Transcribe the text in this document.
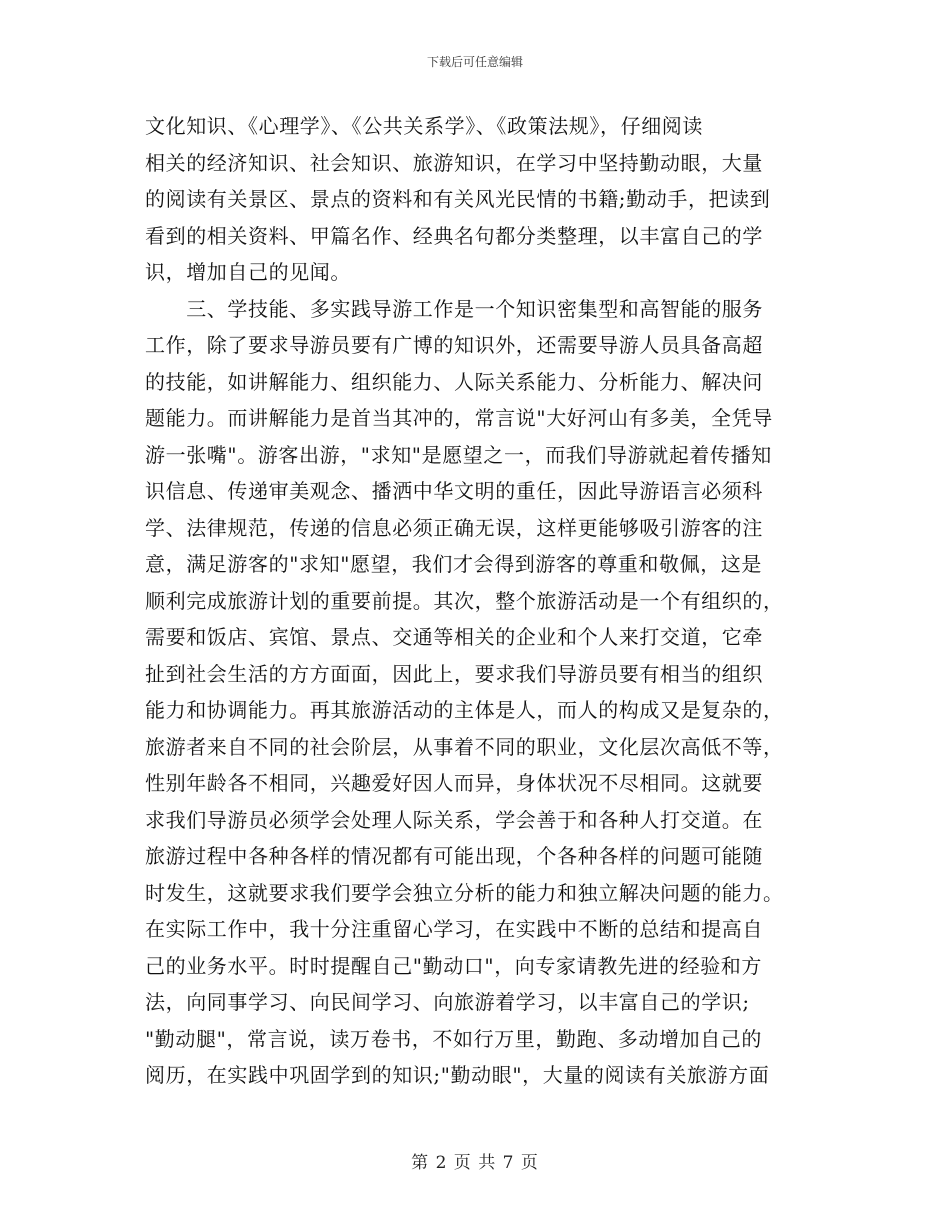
下载后可任意编辑
文化知识、《心理学》、《公共关系学》、《政策法规》，仔细阅读
相关的经济知识、社会知识、旅游知识，在学习中坚持勤动眼，大量
的阅读有关景区、景点的资料和有关风光民情的书籍;勤动手，把读到
看到的相关资料、甲篇名作、经典名句都分类整理，以丰富自己的学
识，增加自己的见闻。
　　三、学技能、多实践导游工作是一个知识密集型和高智能的服务
工作，除了要求导游员要有广博的知识外，还需要导游人员具备高超
的技能，如讲解能力、组织能力、人际关系能力、分析能力、解决问
题能力。而讲解能力是首当其冲的，常言说"大好河山有多美，全凭导
游一张嘴"。游客出游，"求知"是愿望之一，而我们导游就起着传播知
识信息、传递审美观念、播洒中华文明的重任，因此导游语言必须科
学、法律规范，传递的信息必须正确无误，这样更能够吸引游客的注
意，满足游客的"求知"愿望，我们才会得到游客的尊重和敬佩，这是
顺利完成旅游计划的重要前提。其次，整个旅游活动是一个有组织的，
需要和饭店、宾馆、景点、交通等相关的企业和个人来打交道，它牵
扯到社会生活的方方面面，因此上，要求我们导游员要有相当的组织
能力和协调能力。再其旅游活动的主体是人，而人的构成又是复杂的，
旅游者来自不同的社会阶层，从事着不同的职业，文化层次高低不等，
性别年龄各不相同，兴趣爱好因人而异，身体状况不尽相同。这就要
求我们导游员必须学会处理人际关系，学会善于和各种人打交道。在
旅游过程中各种各样的情况都有可能出现，个各种各样的问题可能随
时发生，这就要求我们要学会独立分析的能力和独立解决问题的能力。
在实际工作中，我十分注重留心学习，在实践中不断的总结和提高自
己的业务水平。时时提醒自己"勤动口"，向专家请教先进的经验和方
法，向同事学习、向民间学习、向旅游着学习，以丰富自己的学识;
"勤动腿"，常言说，读万卷书，不如行万里，勤跑、多动增加自己的
阅历，在实践中巩固学到的知识;"勤动眼"，大量的阅读有关旅游方面
第 2 页 共 7 页
